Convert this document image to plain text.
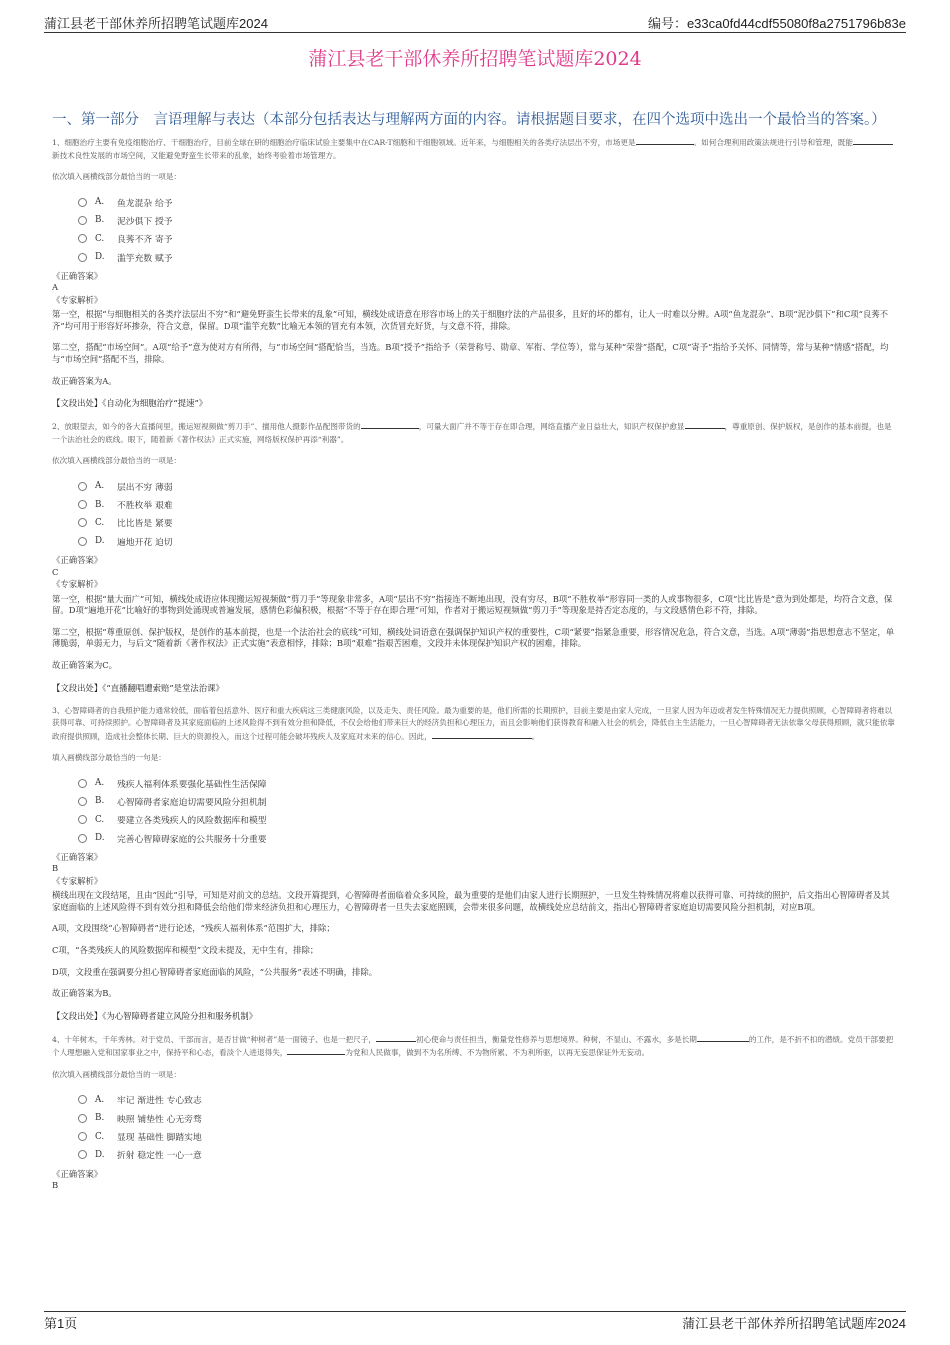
蒲江县老干部休养所招聘笔试题库2024	编号：e33ca0fd44cdf55080f8a2751796b83e
蒲江县老干部休养所招聘笔试题库2024
一、第一部分　言语理解与表达（本部分包括表达与理解两方面的内容。请根据题目要求，在四个选项中选出一个最恰当的答案。）
1、细胞治疗主要有免疫细胞治疗、干细胞治疗，目前全球在研的细胞治疗临床试验主要集中在CAR-T细胞和干细胞领域。近年来，与细胞相关的各类疗法层出不穷，市场更是	。如何合理利用政策法规进行引导和管理，既能新技术良性发展的市场空间，又能避免野蛮生长带来的乱象，始终考验着市场管理方。
依次填入画横线部分最恰当的一项是：
A.	鱼龙混杂 给予
B.	泥沙俱下 授予
C.	良莠不齐 寄予
D.	滥竽充数 赋予
《正确答案》
A
《专家解析》
第一空，根据“与细胞相关的各类疗法层出不穷”和“避免野蛮生长带来的乱象”可知，横线处成语意在形容市场上的关于细胞疗法的产品很多，且好的坏的都有，让人一时难以分辨。A项“鱼龙混杂”、B项“泥沙俱下”和C项“良莠不齐”均可用于形容好坏掺杂，符合文意，保留。D项“滥竽充数”比喻无本领的冒充有本领，次货冒充好货，与文意不符，排除。
第二空，搭配“市场空间”。A项“给予”意为使对方有所得，与“市场空间”搭配恰当，当选。B项“授予”指给予（荣誉称号、勋章、军衔、学位等），常与某种“荣誉”搭配，C项“寄予”指给予关怀、同情等，常与某种“情感”搭配，均与“市场空间”搭配不当，排除。
故正确答案为A。
【文段出处】《自动化为细胞治疗“提速”》
2、放眼望去，如今的各大直播间里，搬运短视频做“剪刀手”、擅用他人摄影作品配图带货的	，可量大面广并不等于存在即合理，网络直播产业日益壮大，知识产权保护愈显	，尊重原创、保护版权，是创作的基本前提，也是一个法治社会的底线。眼下，随着新《著作权法》正式实施，网络版权保护再添“利器”。
依次填入画横线部分最恰当的一项是：
A.	层出不穷 薄弱
B.	不胜枚举 艰难
C.	比比皆是 紧要
D.	遍地开花 迫切
《正确答案》
C
《专家解析》
第一空，根据“量大面广”可知，横线处成语应体现搬运短视频做“剪刀手”等现象非常多，A项“层出不穷”指接连不断地出现，没有穷尽，B项“不胜枚举”形容同一类的人或事物很多，C项“比比皆是”意为到处都是，均符合文意，保留。D项“遍地开花”比喻好的事物到处涌现或普遍发展，感情色彩偏积极，根据“不等于存在即合理”可知，作者对于搬运短视频做“剪刀手”等现象是持否定态度的，与文段感情色彩不符，排除。
第二空，根据“尊重原创、保护版权，是创作的基本前提，也是一个法治社会的底线”可知，横线处词语意在强调保护知识产权的重要性，C项“紧要”指紧急重要，形容情况危急，符合文意，当选。A项“薄弱”指思想意志不坚定，单薄脆弱，单弱无力，与后文“随着新《著作权法》正式实施”表意相悖，排除；B项“艰难”指艰苦困难，文段并未体现保护知识产权的困难，排除。
故正确答案为C。
【文段出处】《“直播翻唱遭索赔”是堂法治课》
3、心智障碍者的自我照护能力通常较低，面临着包括意外、医疗和重大疾病这三类健康风险，以及走失、责任风险。最为重要的是，他们所需的长期照护，目前主要是由家人完成，一旦家人因为年迈或者发生特殊情况无力提供照顾，心智障碍者将难以获得可靠、可持续照护。心智障碍者及其家庭面临的上述风险得不到有效分担和降低，不仅会给他们带来巨大的经济负担和心理压力，而且会影响他们获得教育和融入社会的机会，降低自主生活能力，一旦心智障碍者无法依靠父母获得照顾，就只能依靠政府提供照顾，造成社会整体长期、巨大的资源投入，而这个过程可能会破坏残疾人及家庭对未来的信心。因此，	。
填入画横线部分最恰当的一句是：
A.	残疾人福利体系要强化基础性生活保障
B.	心智障碍者家庭迫切需要风险分担机制
C.	要建立各类残疾人的风险数据库和模型
D.	完善心智障碍家庭的公共服务十分重要
《正确答案》
B
《专家解析》
横线出现在文段结尾，且由“因此”引导，可知是对前文的总结。文段开篇提到，心智障碍者面临着众多风险，最为重要的是他们由家人进行长期照护，一旦发生特殊情况将难以获得可靠、可持续的照护，后文指出心智障碍者及其家庭面临的上述风险得不到有效分担和降低会给他们带来经济负担和心理压力，心智障碍者一旦失去家庭照顾，会带来很多问题，故横线处应总结前文，指出心智障碍者家庭迫切需要风险分担机制，对应B项。
A项，文段围绕“心智障碍者”进行论述，“残疾人福利体系”范围扩大，排除；
C项，“各类残疾人的风险数据库和模型”文段未提及，无中生有，排除；
D项，文段重在强调要分担心智障碍者家庭面临的风险，“公共服务”表述不明确，排除。
故正确答案为B。
【文段出处】《为心智障碍者建立风险分担和服务机制》
4、十年树木，千年秀林。对于党员、干部而言，是否甘做“种树者”是一面镜子、也是一把尺子，	初心使命与责任担当，衡量党性修养与思想境界。种树，不显山、不露水，多是长期	的工作，是不折不扣的潜绩。党员干部要把个人理想融入党和国家事业之中，保持平和心态，看淡个人进退得失，	为党和人民做事，做到不为名所缚、不为物所累、不为利所驱，以再无妄思保证外无妄动。
依次填入画横线部分最恰当的一项是：
A.	牢记 渐进性 专心致志
B.	映照 铺垫性 心无旁骛
C.	显现 基础性 脚踏实地
D.	折射 稳定性 一心一意
《正确答案》
B
第1页	蒲江县老干部休养所招聘笔试题库2024
